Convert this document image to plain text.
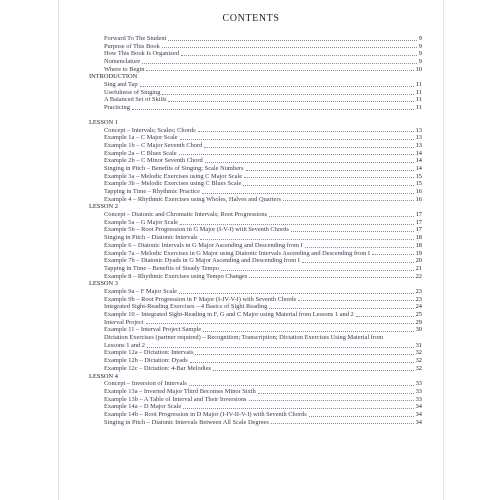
CONTENTS
Forward To The Student	9
Purpose of This Book	9
How This Book Is Organized	9
Nomenclature	9
Where to Begin	10
INTRODUCTION
Sing and Tap	11
Usefulness of Singing	11
A Balanced Set of Skills	11
Practicing	11
LESSON 1
Concept – Intervals; Scales; Chords	13
Example 1a – C Major Scale	13
Example 1b – C Major Seventh Chord	13
Example 2a – C Blues Scale	14
Example 2b – C Minor Seventh Chord	14
Singing in Pitch – Benefits of Singing; Scale Numbers	14
Example 3a – Melodic Exercises using C Major Scale	15
Example 3b – Melodic Exercises using C Blues Scale	15
Tapping in Time – Rhythmic Practice	16
Example 4 – Rhythmic Exercises using Wholes, Halves and Quarters	16
LESSON 2
Concept – Diatonic and Chromatic Intervals; Root Progressions	17
Example 5a – G Major Scale	17
Example 5b – Root Progression in G Major (I-V-I) with Seventh Chords	17
Singing in Pitch – Diatonic Intervals	18
Example 6 – Diatonic Intervals in G Major Ascending and Descending from I	18
Example 7a – Melodic Exercises in G Major using Diatonic Intervals Ascending and Descending from I	19
Example 7b – Diatonic Dyads in G Major Ascending and Descending from I	20
Tapping in Time – Benefits of Steady Tempo	21
Example 8 – Rhythmic Exercises using Tempo Changes	22
LESSON 3
Example 9a – F Major Scale	23
Example 9b – Root Progression in F Major (I-IV-V-I) with Seventh Chords	23
Integrated Sight-Reading Exercises – 4 Basics of Sight Reading	24
Example 10 – Integrated Sight-Reading in F, G and C Major using Material from Lessons 1 and 2	25
Interval Project	29
Example 11 – Interval Project Sample	30
Dictation Exercises (partner required) – Recognition; Transcription; Dictation Exercises Using Material from
Lessons 1 and 2	31
Example 12a – Dictation: Intervals	32
Example 12b – Dictation: Dyads	32
Example 12c – Dictation: 4-Bar Melodies	32
LESSON 4
Concept – Inversion of Intervals	33
Example 13a – Inverted Major Third Becomes Minor Sixth	33
Example 13b – A Table of Interval and Their Inversions	33
Example 14a – D Major Scale	34
Example 14b – Root Progression in D Major (I-IV-II-V-I) with Seventh Chords	34
Singing in Pitch – Diatonic Intervals Between All Scale Degrees	34
